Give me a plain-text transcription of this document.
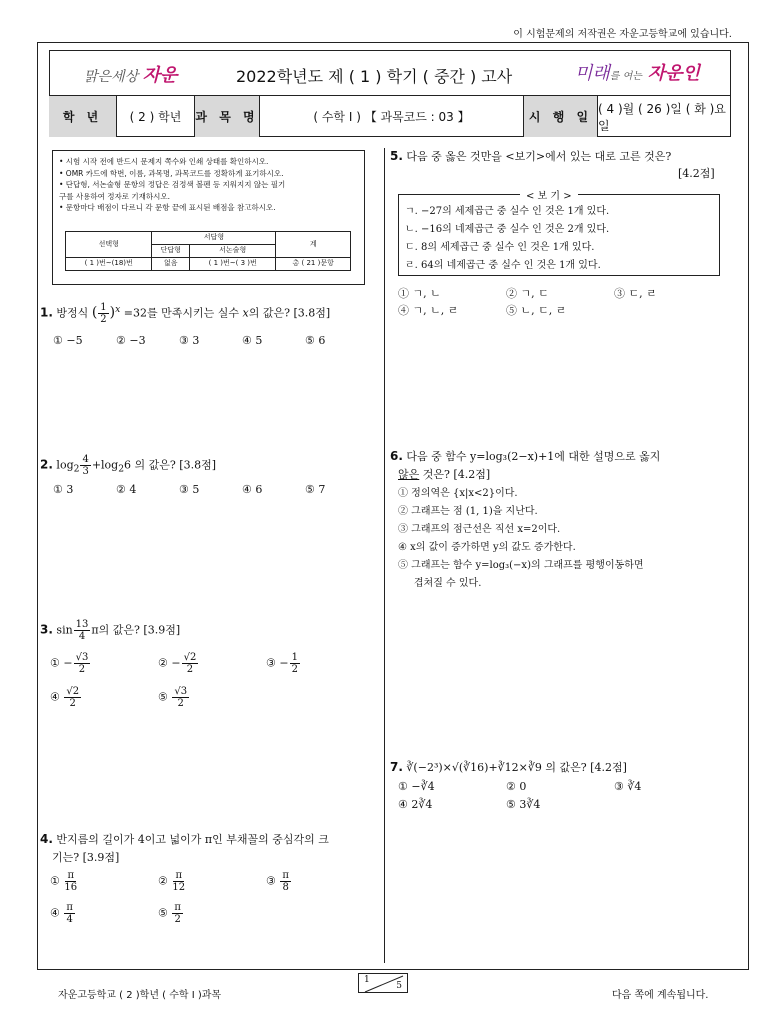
이 시험문제의 저작권은 자운고등학교에 있습니다.
맑은세상 자운	2022학년도 제 ( 1 ) 학기 ( 중간 ) 고사	미래를 여는 자운인
학 년	( 2 ) 학년	과 목 명	( 수학 I ) 【 과목코드 : 03 】	시 행 일
( 4 )월 ( 26 )일 ( 화 )요일
• 시험 시작 전에 반드시 문제지 쪽수와 인쇄 상태를 확인하시오.
• OMR 카드에 학번, 이름, 과목명, 과목코드를 정확하게 표기하시오.
• 단답형, 서논술형 문항의 정답은 검정색 볼펜 등 지워지지 않는 필기
구를 사용하여 정자로 기재하시오.
• 문항마다 배점이 다르니 각 문항 끝에 표시된 배점을 참고하시오.
선택형	서답형		계
	단답형	서논술형	
( 1 )번~(18)번	없음	( 1 )번~( 3 )번	총 ( 21 )문항
1. 방정식 ( $\frac{1}{2} )^x =32$를 만족시키는 실수 x의 값은? [3.8점]
① −5	② −3	③ 3	④ 5	⑤ 6
2. $\log_2 \frac{4}{3} +\log_26$ 의 값은? [3.8점]
① 3	② 4	③ 5	④ 6	⑤ 7
3. $\sin \frac{13}{4}$ π의 값은? [3.9점]
① − $\frac{√3}{2}$	② − $\frac{√2}{2}$	③ − $\frac{1}{2}$
④ $\frac{√2}{2}$	⑤ $\frac{√3}{2}$
4. 반지름의 길이가 4이고 넓이가 π인 부채꼴의 중심각의 크
기는? [3.9점]
① $\frac{\pi}{16}$	② $\frac{\pi}{12}$	③ $\frac{\pi}{8}$
④ $\frac{\pi}{4}$	⑤ $\frac{\pi}{2}$
5. 다음 중 옳은 것만을 <보기>에서 있는 대로 고른 것은?
[4.2점]
ㄱ. −27의 세제곱근 중 실수 인 것은 1개 있다.
ㄴ. −16의 네제곱근 중 실수 인 것은 2개 있다.
ㄷ. 8의 세제곱근 중 실수 인 것은 1개 있다.
ㄹ. 64의 네제곱근 중 실수 인 것은 1개 있다.
< 보 기 >
① ㄱ, ㄴ	② ㄱ, ㄷ	③ ㄷ, ㄹ
④ ㄱ, ㄴ, ㄹ	⑤ ㄴ, ㄷ, ㄹ
6. 다음 중 함수 y=log₃(2−x)+1에 대한 설명으로 옳지
않은 것은? [4.2점]
① 정의역은 {x|x<2}이다.
② 그래프는 점 (1, 1)을 지난다.
③ 그래프의 점근선은 직선 x=2이다.
④ x의 값이 증가하면 y의 값도 증가한다.
⑤ 그래프는 함수 y=log₃(−x)의 그래프를 평행이동하면
겹쳐질 수 있다.
7. ∛(−2³)×√(∛16)+∛12×∛9 의 값은? [4.2점]
① −∛4	② 0	③ ∛4
④ 2∛4	⑤ 3∛4
자운고등학교 ( 2 )학년 ( 수학 I )과목
1
5
다음 쪽에 계속됩니다.
